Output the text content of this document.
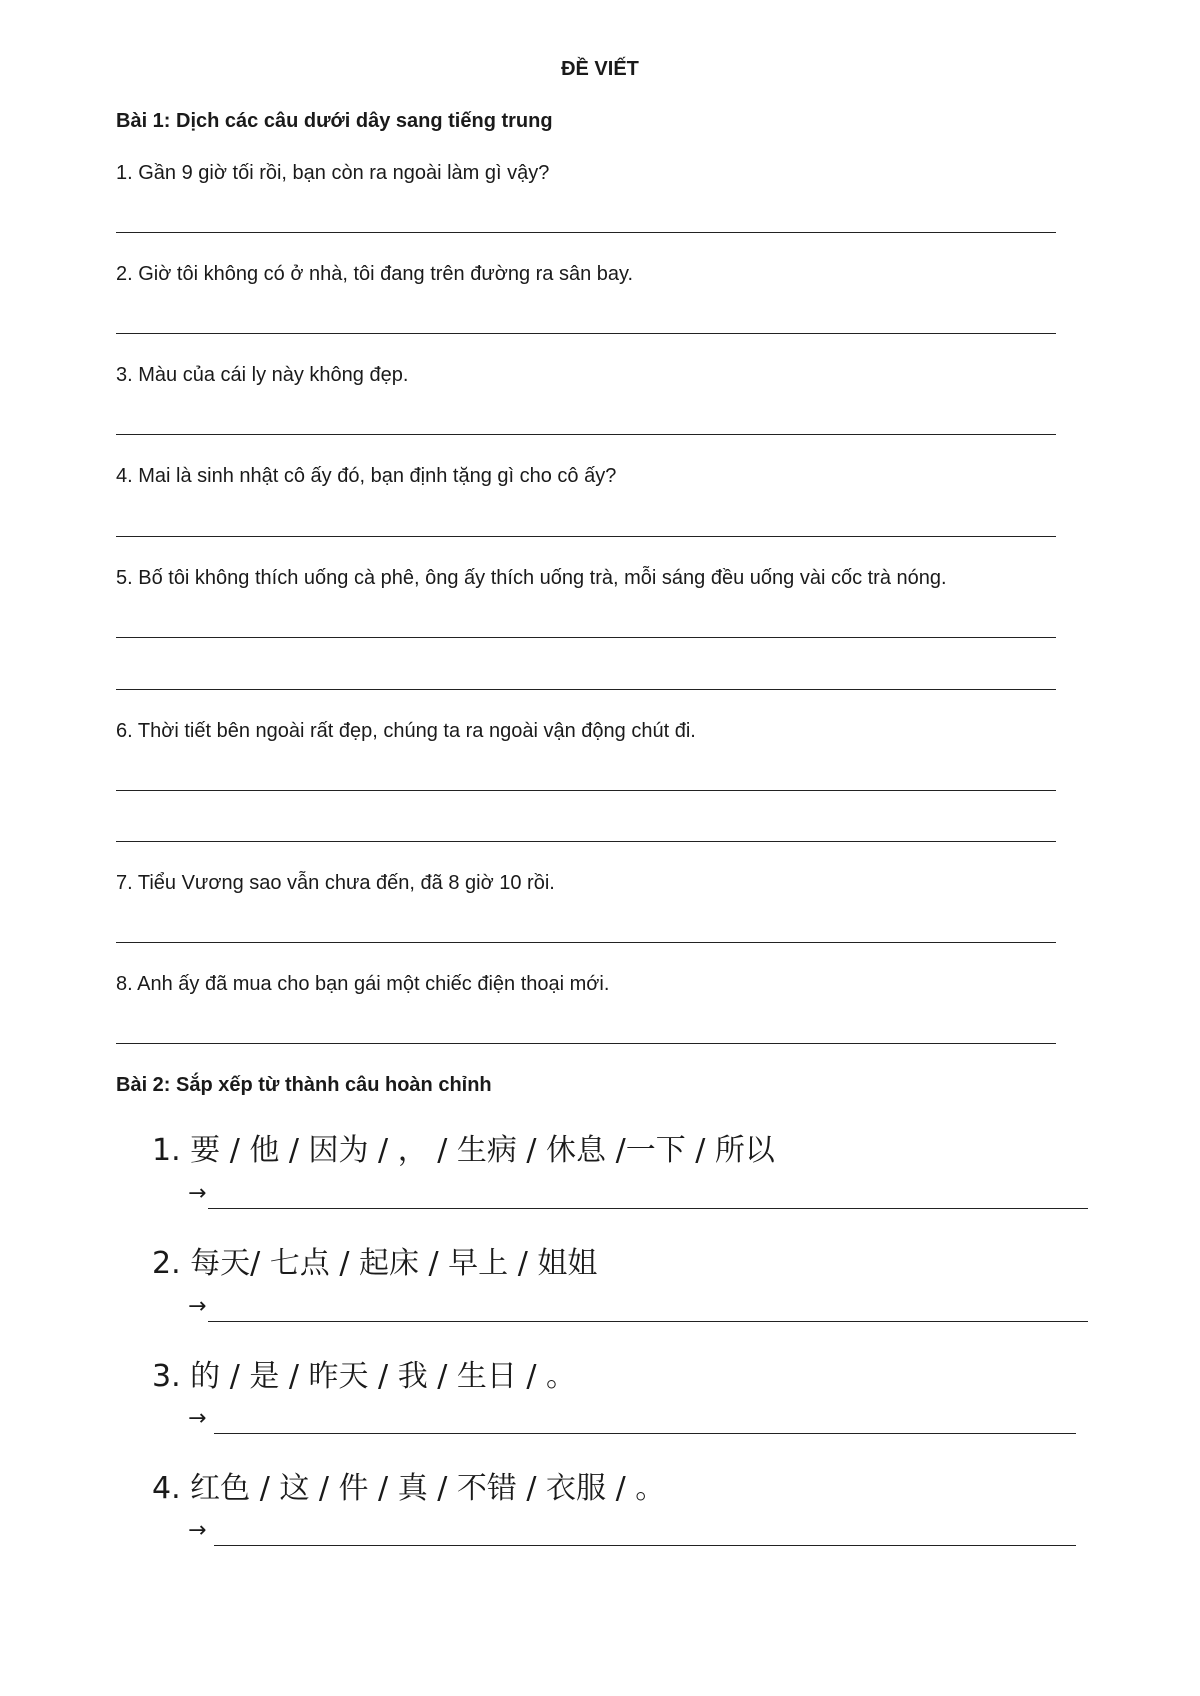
ĐỀ VIẾT
Bài 1: Dịch các câu dưới dây sang tiếng trung
1. Gần 9 giờ tối rồi, bạn còn ra ngoài làm gì vậy?
2. Giờ tôi không có ở nhà, tôi đang trên đường ra sân bay.
3. Màu của cái ly này không đẹp.
4. Mai là sinh nhật cô ấy đó, bạn định tặng gì cho cô ấy?
5. Bố tôi không thích uống cà phê, ông ấy thích uống trà, mỗi sáng đều uống vài cốc trà nóng.
6. Thời tiết bên ngoài rất đẹp, chúng ta ra ngoài vận động chút đi.
7. Tiểu Vương sao vẫn chưa đến, đã 8 giờ 10 rồi.
8. Anh ấy đã mua cho bạn gái một chiếc điện thoại mới.
Bài 2: Sắp xếp từ thành câu hoàn chỉnh
1. 要 / 他 / 因为 / ， / 生病 / 休息 /一下 / 所以
→
2. 每天/ 七点 / 起床 / 早上 / 姐姐
→
3. 的 / 是 / 昨天 / 我 / 生日 / 。
→
4. 红色 / 这 / 件 / 真 / 不错 / 衣服 / 。
→
